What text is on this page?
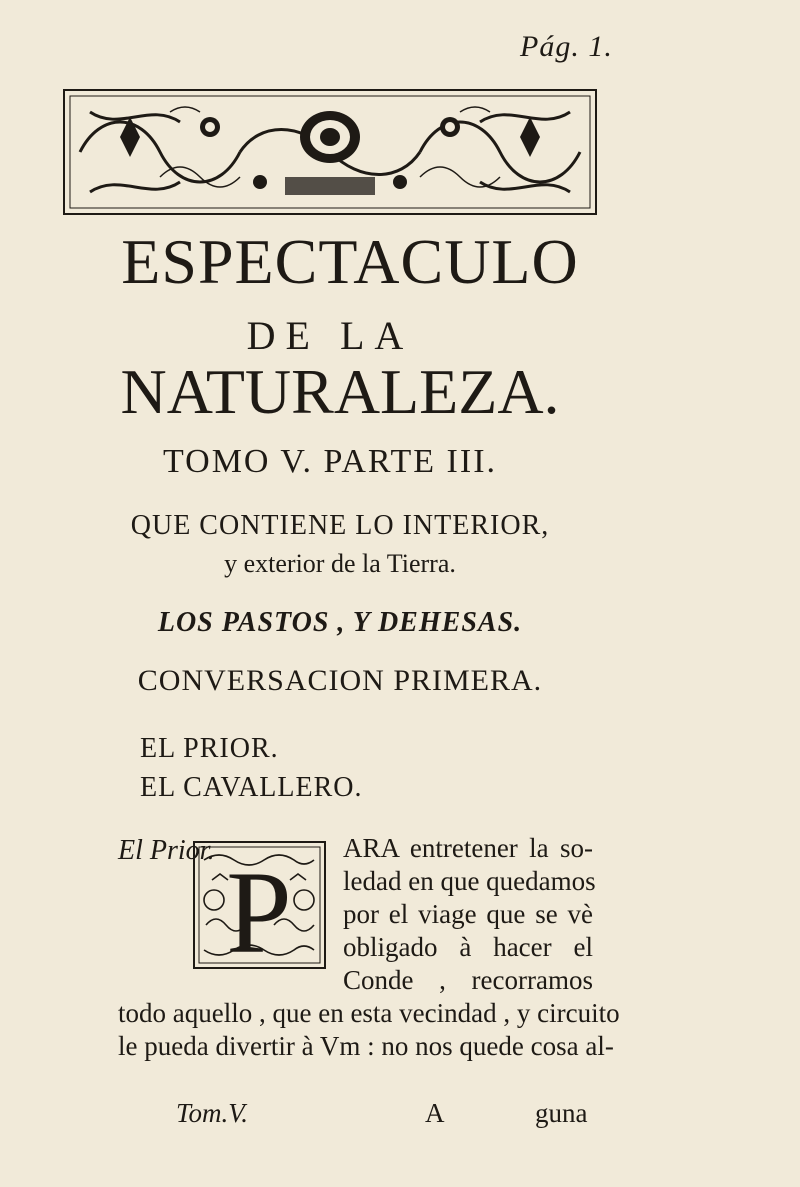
Pág. 1.
ESPECTACULO
DE LA
NATURALEZA.
TOMO V. PARTE III.
QUE CONTIENE LO INTERIOR,
y exterior de la Tierra.
LOS PASTOS , Y DEHESAS.
CONVERSACION PRIMERA.
EL PRIOR.
EL CAVALLERO.
El Prior. P ARA entretener la so-
ledad en que quedamos
por el viage que se vè
obligado à hacer el
Conde , recorramos
todo aquello , que en esta vecindad , y circuito
le pueda divertir à Vm : no nos quede cosa al-
Tom.V.	A	guna
